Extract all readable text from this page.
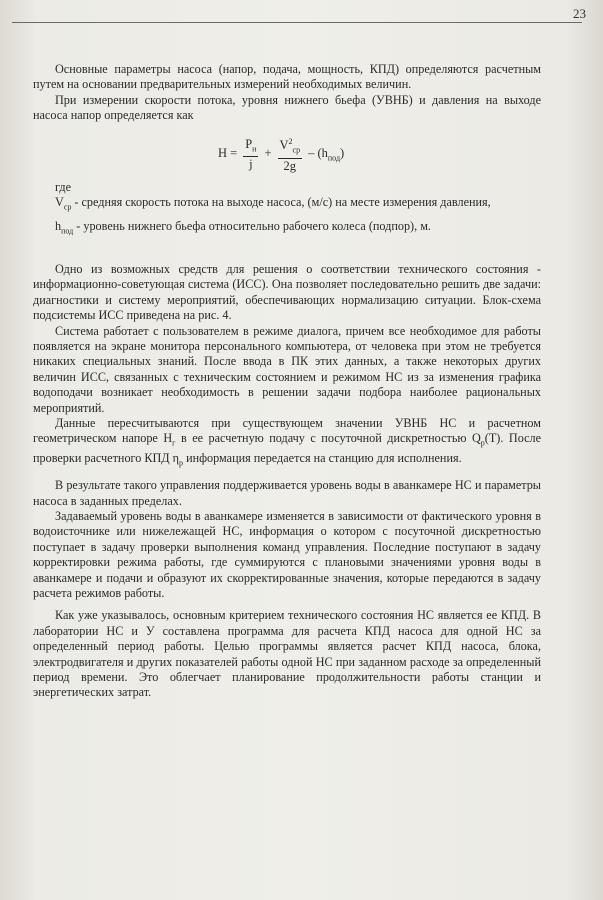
23

Основные параметры насоса (напор, подача, мощность, КПД) определяются расчетным путем на основании предварительных измерений необходимых величин.

При измерении скорости потока, уровня нижнего бьефа (УВНБ) и давления на выходе насоса напор определяется как

$H = \frac{P_н}{j} + \frac{V^2_{ср}}{2g} - (h_{под})$
где

$V_{ср}$ - средняя скорость потока на выходе насоса, (м/с) на месте измерения давления,

$h_{под}$ - уровень нижнего бьефа относительно рабочего колеса (подпор), м.

Одно из возможных средств для решения о соответствии технического состояния - информационно-советующая система (ИСС). Она позволяет последовательно решить две задачи: диагностики и систему мероприятий, обеспечивающих нормализацию ситуации. Блок-схема подсистемы ИСС приведена на рис. 4.

Система работает с пользователем в режиме диалога, причем все необходимое для работы появляется на экране монитора персонального компьютера, от человека при этом не требуется никаких специальных знаний. После ввода в ПК этих данных, а также некоторых других величин ИСС, связанных с техническим состоянием и режимом НС из за изменения графика водоподачи возникает необходимость в решении задачи подбора наиболее рациональных мероприятий.

Данные пересчитываются при существующем значении УВНБ НС и расчетном геометрическом напоре $Н_г$ в ее расчетную подачу с посуточной дискретностью $Q_р(Т)$. После проверки расчетного КПД $\eta_р$ информация передается на станцию для исполнения.

В результате такого управления поддерживается уровень воды в аванкамере НС и параметры насоса в заданных пределах.

Задаваемый уровень воды в аванкамере изменяется в зависимости от фактического уровня в водоисточнике или нижележащей НС, информация о котором с посуточной дискретностью поступает в задачу проверки выполнения команд управления. Последние поступают в задачу корректировки режима работы, где суммируются с плановыми значениями уровня воды в аванкамере и подачи и образуют их скорректированные значения, которые передаются в задачу расчета режимов работы.

Как уже указывалось, основным критерием технического состояния НС является ее КПД. В лаборатории НС и У составлена программа для расчета КПД насоса для одной НС за определенный период работы. Целью программы является расчет КПД насоса, блока, электродвигателя и других показателей работы одной НС при заданном расходе за определенный период времени. Это облегчает планирование продолжительности работы станции и энергетических затрат.
